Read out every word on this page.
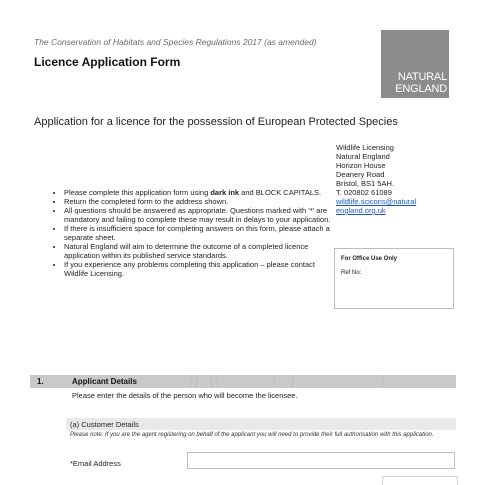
The Conservation of Habitats and Species Regulations 2017 (as amended)
Licence Application Form
NATURAL
ENGLAND
Application for a licence for the possession of European Protected Species
Wildlife Licensing
Natural England
Horizon House
Deanery Road
Bristol, BS1 5AH.
T. 020802 61089
wildlife.scicons@natural
england.org.uk
• Please complete this application form using dark ink and BLOCK CAPITALS.
• Return the completed form to the address shown.
• All questions should be answered as appropriate. Questions marked with '*' are mandatory and failing to complete these may result in delays to your application.
• If there is insufficient space for completing answers on this form, please attach a separate sheet.
• Natural England will aim to determine the outcome of a completed licence application within its published service standards.
• If you experience any problems completing this application – please contact Wildlife Licensing.
For Office Use Only
Ref No:
1.	Applicant Details
Please enter the details of the person who will become the licensee.
(a) Customer Details
Please note: If you are the agent registering on behalf of the applicant you will need to provide their full authorisation with this application.
*Email Address
